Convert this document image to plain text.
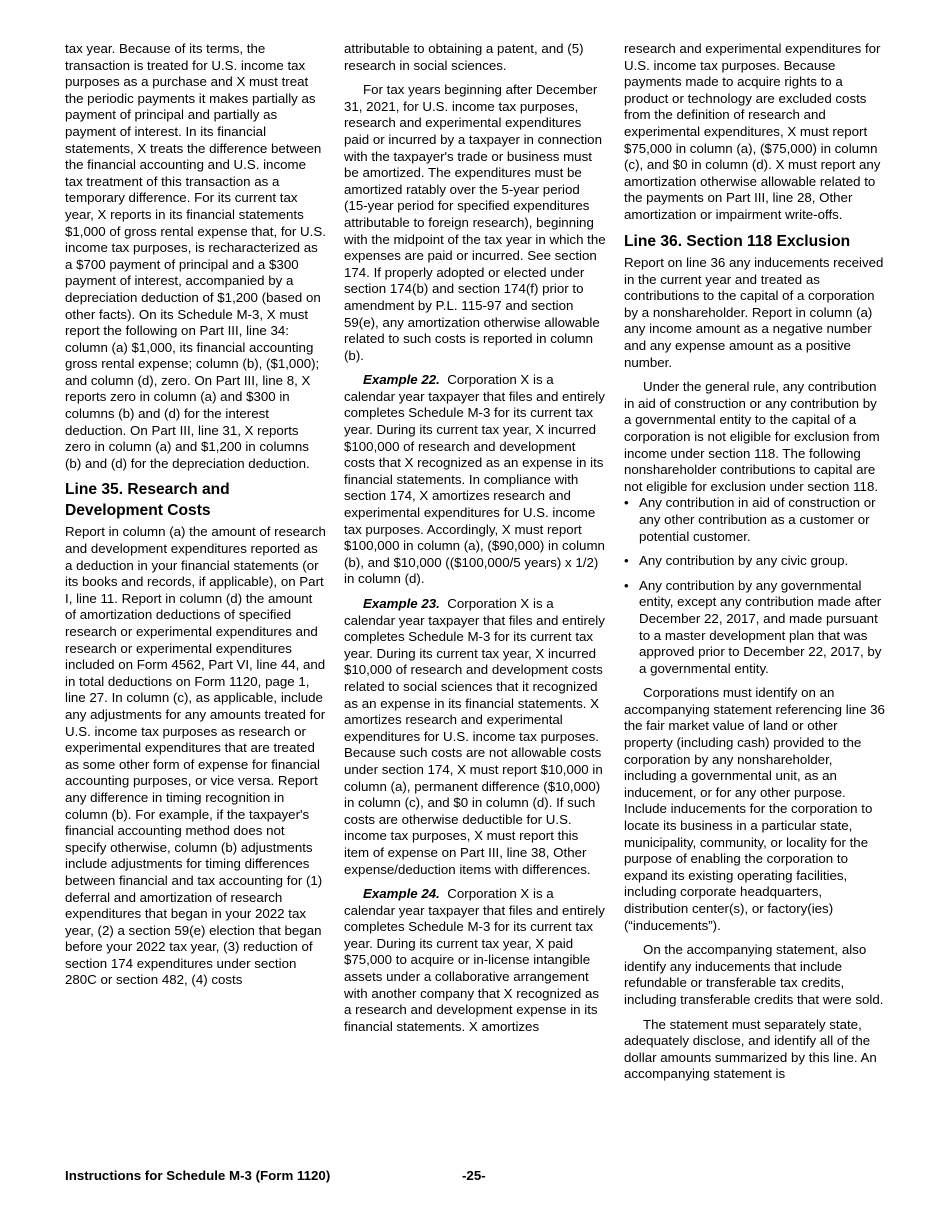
tax year. Because of its terms, the transaction is treated for U.S. income tax purposes as a purchase and X must treat the periodic payments it makes partially as payment of principal and partially as payment of interest. In its financial statements, X treats the difference between the financial accounting and U.S. income tax treatment of this transaction as a temporary difference. For its current tax year, X reports in its financial statements $1,000 of gross rental expense that, for U.S. income tax purposes, is recharacterized as a $700 payment of principal and a $300 payment of interest, accompanied by a depreciation deduction of $1,200 (based on other facts). On its Schedule M-3, X must report the following on Part III, line 34: column (a) $1,000, its financial accounting gross rental expense; column (b), ($1,000); and column (d), zero. On Part III, line 8, X reports zero in column (a) and $300 in columns (b) and (d) for the interest deduction. On Part III, line 31, X reports zero in column (a) and $1,200 in columns (b) and (d) for the depreciation deduction.

Line 35. Research and Development Costs

Report in column (a) the amount of research and development expenditures reported as a deduction in your financial statements (or its books and records, if applicable), on Part I, line 11. Report in column (d) the amount of amortization deductions of specified research or experimental expenditures and research or experimental expenditures included on Form 4562, Part VI, line 44, and in total deductions on Form 1120, page 1, line 27. In column (c), as applicable, include any adjustments for any amounts treated for U.S. income tax purposes as research or experimental expenditures that are treated as some other form of expense for financial accounting purposes, or vice versa. Report any difference in timing recognition in column (b). For example, if the taxpayer's financial accounting method does not specify otherwise, column (b) adjustments include adjustments for timing differences between financial and tax accounting for (1) deferral and amortization of research expenditures that began in your 2022 tax year, (2) a section 59(e) election that began before your 2022 tax year, (3) reduction of section 174 expenditures under section 280C or section 482, (4) costs

attributable to obtaining a patent, and (5) research in social sciences.

For tax years beginning after December 31, 2021, for U.S. income tax purposes, research and experimental expenditures paid or incurred by a taxpayer in connection with the taxpayer's trade or business must be amortized. The expenditures must be amortized ratably over the 5-year period (15-year period for specified expenditures attributable to foreign research), beginning with the midpoint of the tax year in which the expenses are paid or incurred. See section 174. If properly adopted or elected under section 174(b) and section 174(f) prior to amendment by P.L. 115-97 and section 59(e), any amortization otherwise allowable related to such costs is reported in column (b).

Example 22. Corporation X is a calendar year taxpayer that files and entirely completes Schedule M-3 for its current tax year. During its current tax year, X incurred $100,000 of research and development costs that X recognized as an expense in its financial statements. In compliance with section 174, X amortizes research and experimental expenditures for U.S. income tax purposes. Accordingly, X must report $100,000 in column (a), ($90,000) in column (b), and $10,000 (($100,000/5 years) x 1/2) in column (d).

Example 23. Corporation X is a calendar year taxpayer that files and entirely completes Schedule M-3 for its current tax year. During its current tax year, X incurred $10,000 of research and development costs related to social sciences that it recognized as an expense in its financial statements. X amortizes research and experimental expenditures for U.S. income tax purposes. Because such costs are not allowable costs under section 174, X must report $10,000 in column (a), permanent difference ($10,000) in column (c), and $0 in column (d). If such costs are otherwise deductible for U.S. income tax purposes, X must report this item of expense on Part III, line 38, Other expense/deduction items with differences.

Example 24. Corporation X is a calendar year taxpayer that files and entirely completes Schedule M-3 for its current tax year. During its current tax year, X paid $75,000 to acquire or in-license intangible assets under a collaborative arrangement with another company that X recognized as a research and development expense in its financial statements. X amortizes

research and experimental expenditures for U.S. income tax purposes. Because payments made to acquire rights to a product or technology are excluded costs from the definition of research and experimental expenditures, X must report $75,000 in column (a), ($75,000) in column (c), and $0 in column (d). X must report any amortization otherwise allowable related to the payments on Part III, line 28, Other amortization or impairment write-offs.

Line 36. Section 118 Exclusion

Report on line 36 any inducements received in the current year and treated as contributions to the capital of a corporation by a nonshareholder. Report in column (a) any income amount as a negative number and any expense amount as a positive number.

Under the general rule, any contribution in aid of construction or any contribution by a governmental entity to the capital of a corporation is not eligible for exclusion from income under section 118. The following nonshareholder contributions to capital are not eligible for exclusion under section 118.

• Any contribution in aid of construction or any other contribution as a customer or potential customer.

• Any contribution by any civic group.

• Any contribution by any governmental entity, except any contribution made after December 22, 2017, and made pursuant to a master development plan that was approved prior to December 22, 2017, by a governmental entity.

Corporations must identify on an accompanying statement referencing line 36 the fair market value of land or other property (including cash) provided to the corporation by any nonshareholder, including a governmental unit, as an inducement, or for any other purpose. Include inducements for the corporation to locate its business in a particular state, municipality, community, or locality for the purpose of enabling the corporation to expand its existing operating facilities, including corporate headquarters, distribution center(s), or factory(ies) (“inducements”).

On the accompanying statement, also identify any inducements that include refundable or transferable tax credits, including transferable credits that were sold.

The statement must separately state, adequately disclose, and identify all of the dollar amounts summarized by this line. An accompanying statement is

Instructions for Schedule M-3 (Form 1120)	-25-
